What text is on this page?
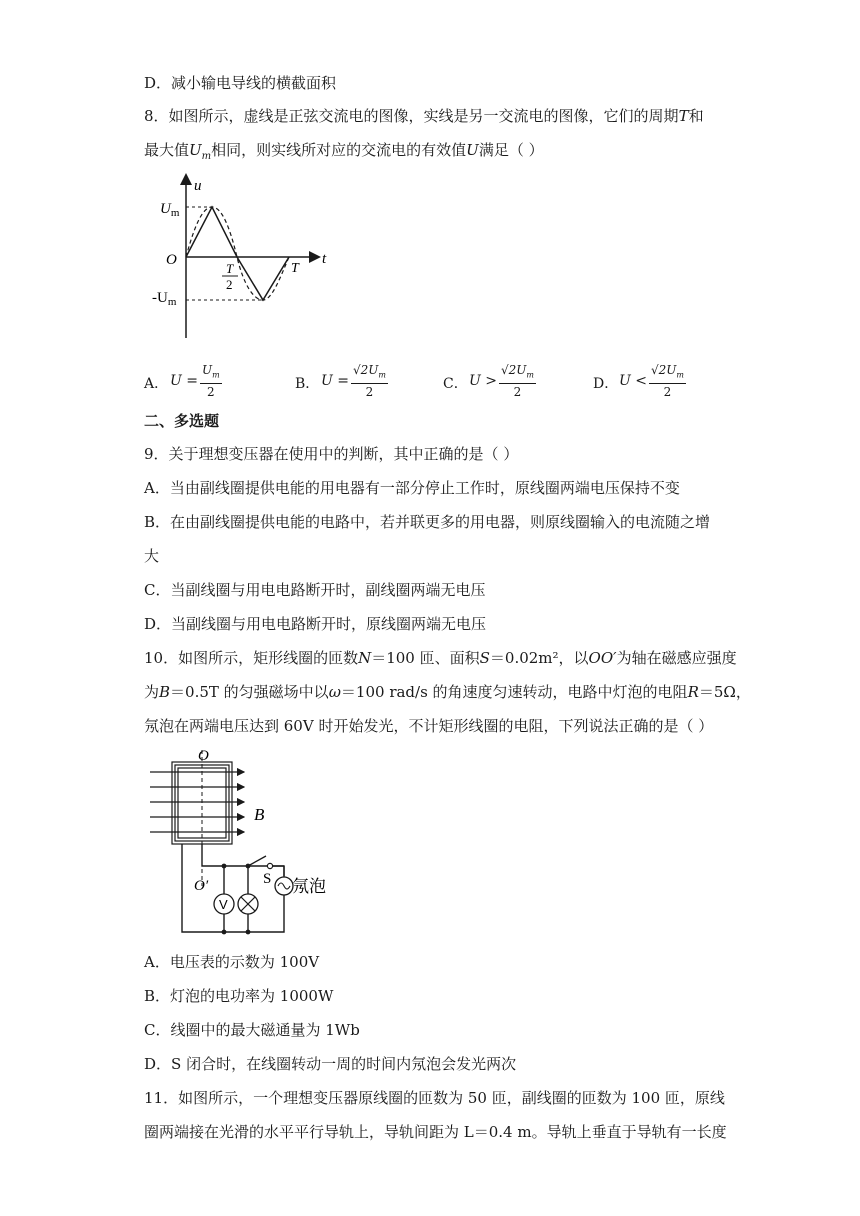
D．减小输电导线的横截面积
8．如图所示，虚线是正弦交流电的图像，实线是另一交流电的图像，它们的周期T和
最大值$U_m$相同，则实线所对应的交流电的有效值U满足（ ）
u
t
O
$U_m$
$-U_m$
T
2
T
A． $U = \frac{U_m}{2}$	B． $U = \frac{√2U_m}{2}$	C． $U > \frac{√2U_m}{2}$	D． $U < \frac{√2U_m}{2}$
二、多选题
9．关于理想变压器在使用中的判断，其中正确的是（ ）
A．当由副线圈提供电能的用电器有一部分停止工作时，原线圈两端电压保持不变
B．在由副线圈提供电能的电路中，若并联更多的用电器，则原线圈输入的电流随之增
大
C．当副线圈与用电电路断开时，副线圈两端无电压
D．当副线圈与用电电路断开时，原线圈两端无电压
10．如图所示，矩形线圈的匝数N＝100 匝、面积S＝0.02m²，以OO′为轴在磁感应强度
为B＝0.5T 的匀强磁场中以ω＝100 rad/s 的角速度匀速转动，电路中灯泡的电阻R＝5Ω，
氖泡在两端电压达到 60V 时开始发光，不计矩形线圈的电阻，下列说法正确的是（ ）
V
O
O′
B
S 氖泡
A．电压表的示数为 100V
B．灯泡的电功率为 1000W
C．线圈中的最大磁通量为 1Wb
D．S 闭合时，在线圈转动一周的时间内氖泡会发光两次
11．如图所示，一个理想变压器原线圈的匝数为 50 匝，副线圈的匝数为 100 匝，原线
圈两端接在光滑的水平平行导轨上，导轨间距为 L＝0.4 m。导轨上垂直于导轨有一长度
